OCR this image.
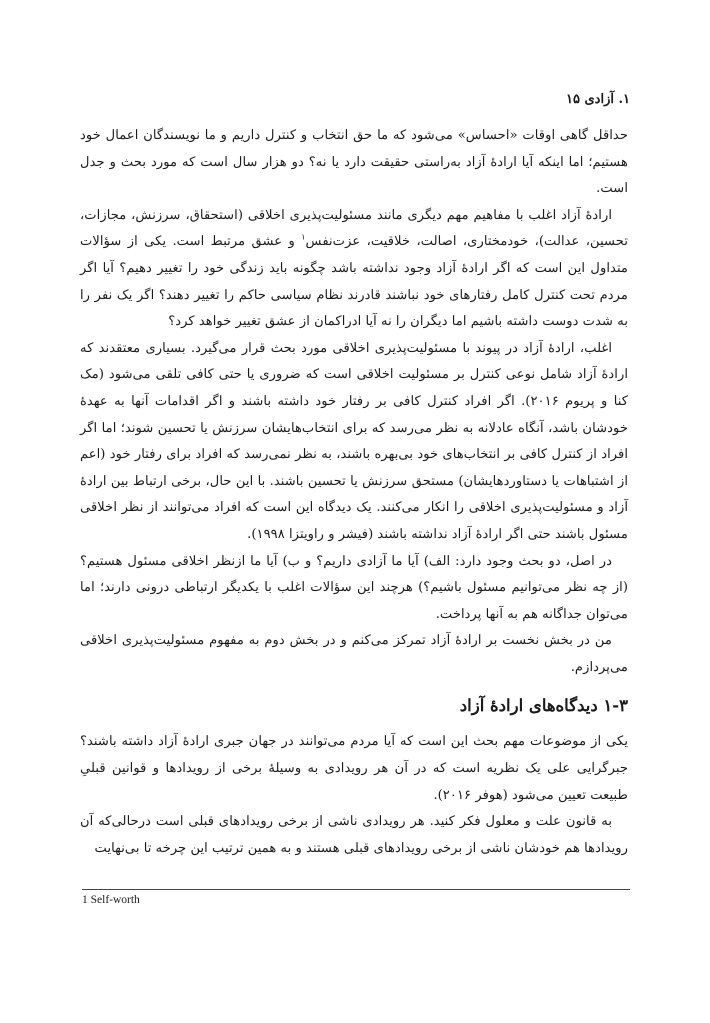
۱. آزادی ۱۵

حداقل گاهی اوقات «احساس» می‌شود که ما حق انتخاب و کنترل داریم و ما نویسندگان اعمال خود هستیم؛ اما اینکه آیا ارادهٔ آزاد به‌راستی حقیقت دارد یا نه؟ دو هزار سال است که مورد بحث و جدل است.

ارادهٔ آزاد اغلب با مفاهیم مهم دیگری مانند مسئولیت‌پذیری اخلاقی (استحقاق، سرزنش، مجازات، تحسین، عدالت)، خودمختاری، اصالت، خلاقیت، عزت‌نفس$^۱$ و عشق مرتبط است. یکی از سؤالات متداول این است که اگر ارادهٔ آزاد وجود نداشته باشد چگونه باید زندگی خود را تغییر دهیم؟ آیا اگر مردم تحت کنترل کامل رفتارهای خود نباشند قادرند نظام سیاسی حاکم را تغییر دهند؟ اگر یک نفر را به شدت دوست داشته باشیم اما دیگران را نه آیا ادراکمان از عشق تغییر خواهد کرد؟

اغلب، ارادهٔ آزاد در پیوند با مسئولیت‌پذیری اخلاقی مورد بحث قرار می‌گیرد. بسیاری معتقدند که ارادهٔ آزاد شامل نوعی کنترل بر مسئولیت اخلاقی است که ضروری یا حتی کافی تلقی می‌شود (مک کنا و پریوم ۲۰۱۶). اگر افراد کنترل کافی بر رفتار خود داشته باشند و اگر اقدامات آنها به عهدهٔ خودشان باشد، آنگاه عادلانه به نظر می‌رسد که برای انتخاب‌هایشان سرزنش یا تحسین شوند؛ اما اگر افراد از کنترل کافی بر انتخاب‌های خود بی‌بهره باشند، به نظر نمی‌رسد که افراد برای رفتار خود (اعم از اشتباهات یا دستاوردهایشان) مستحق سرزنش یا تحسین باشند. با این حال، برخی ارتباط بین ارادهٔ آزاد و مسئولیت‌پذیری اخلاقی را انکار می‌کنند. یک دیدگاه این است که افراد می‌توانند از نظر اخلاقی مسئول باشند حتی اگر ارادهٔ آزاد نداشته باشند (فیشر و راویتزا ۱۹۹۸).

در اصل، دو بحث وجود دارد: الف) آیا ما آزادی داریم؟ و ب) آیا ما ازنظر اخلاقی مسئول هستیم؟ (از چه نظر می‌توانیم مسئول باشیم؟) هرچند این سؤالات اغلب با یکدیگر ارتباطی درونی دارند؛ اما می‌توان جداگانه هم به آنها پرداخت.

من در بخش نخست بر ارادهٔ آزاد تمرکز می‌کنم و در بخش دوم به مفهوم مسئولیت‌پذیری اخلاقی می‌پردازم.

۱-۳ دیدگاه‌های ارادهٔ آزاد

یکی از موضوعات مهم بحث این است که آیا مردم می‌توانند در جهان جبری ارادهٔ آزاد داشته باشند؟ جبرگرایی علی یک نظریه است که در آن هر رویدادی به وسیلهٔ برخی از رویدادها و قوانین قبلیِ طبیعت تعیین می‌شود (هوفر ۲۰۱۶).

به قانون علت و معلول فکر کنید. هر رویدادی ناشی از برخی رویدادهای قبلی است درحالی‌که آن رویدادها هم خودشان ناشی از برخی رویدادهای قبلی هستند و به همین ترتیب این چرخه تا بی‌نهایت

1 Self-worth
